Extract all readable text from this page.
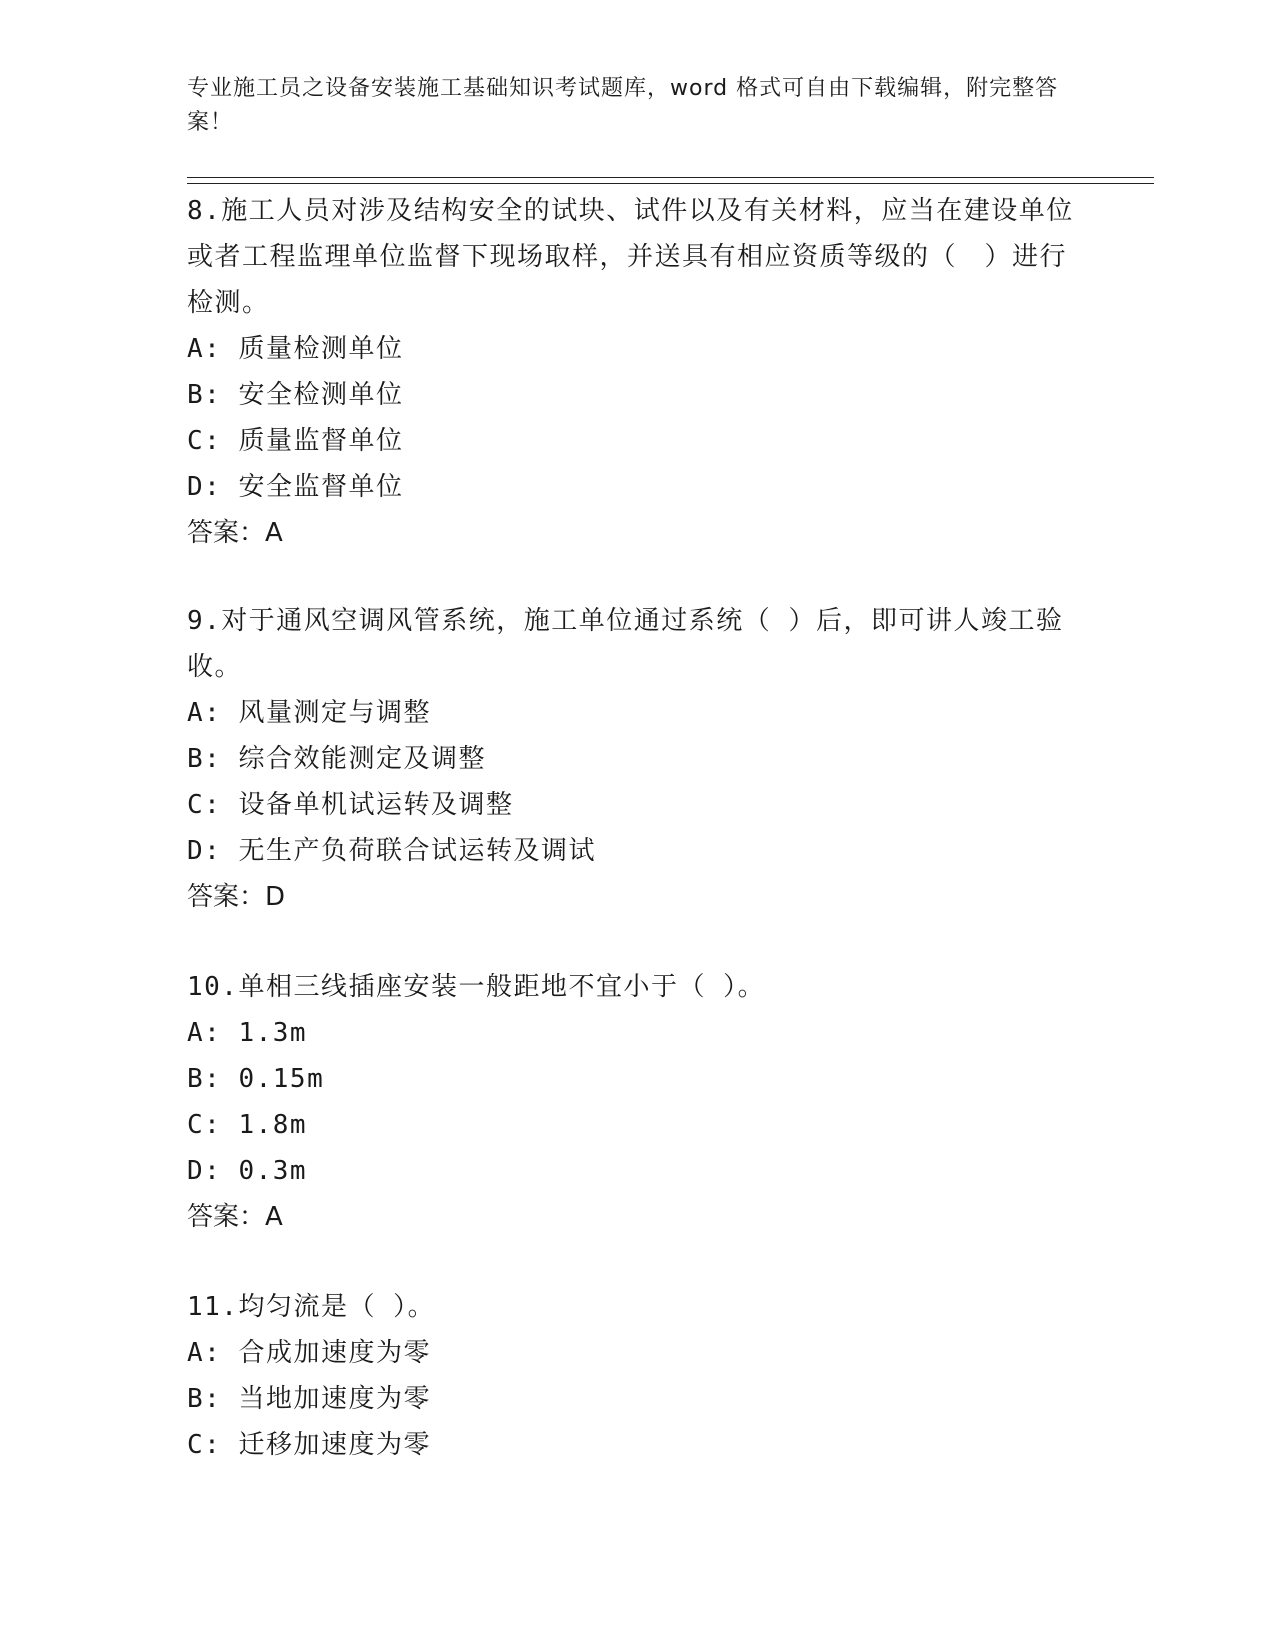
专业施工员之设备安装施工基础知识考试题库，word 格式可自由下载编辑，附完整答案！

8.施工人员对涉及结构安全的试块、试件以及有关材料，应当在建设单位或者工程监理单位监督下现场取样，并送具有相应资质等级的（　）进行检测。

A: 质量检测单位

B: 安全检测单位

C: 质量监督单位

D: 安全监督单位

答案：A

9.对于通风空调风管系统，施工单位通过系统（ ）后，即可讲人竣工验收。

A: 风量测定与调整

B: 综合效能测定及调整

C: 设备单机试运转及调整

D: 无生产负荷联合试运转及调试

答案：D

10.单相三线插座安装一般距地不宜小于（ ）。

A: 1.3m

B: 0.15m

C: 1.8m

D: 0.3m

答案：A

11.均匀流是（ ）。

A: 合成加速度为零

B: 当地加速度为零

C: 迁移加速度为零
